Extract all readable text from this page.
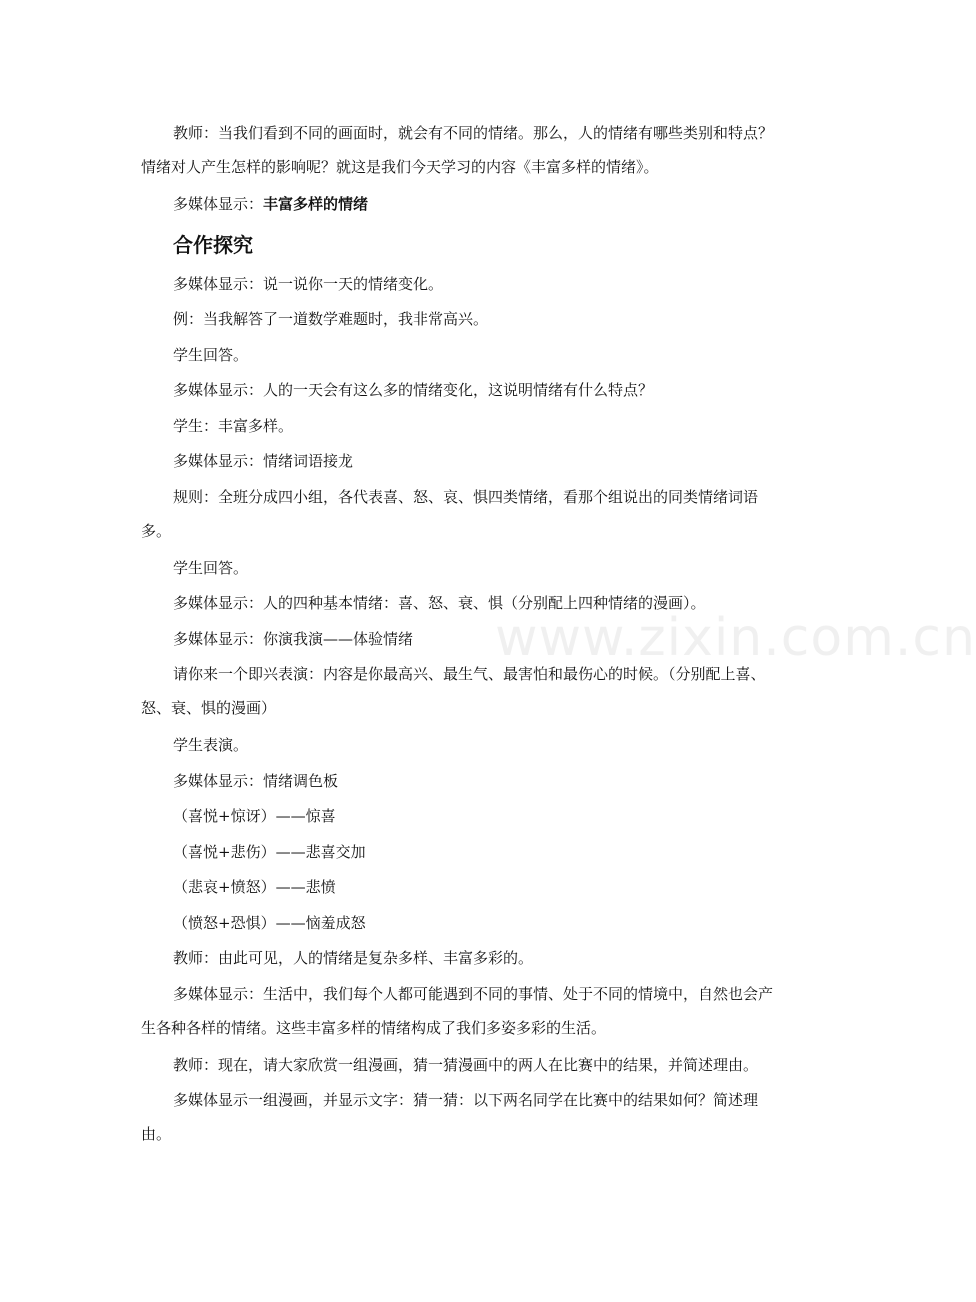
教师：当我们看到不同的画面时，就会有不同的情绪。那么，人的情绪有哪些类别和特点？情绪对人产生怎样的影响呢？就这是我们今天学习的内容《丰富多样的情绪》。

多媒体显示：丰富多样的情绪

合作探究

多媒体显示：说一说你一天的情绪变化。

例：当我解答了一道数学难题时，我非常高兴。

学生回答。

多媒体显示：人的一天会有这么多的情绪变化，这说明情绪有什么特点？

学生：丰富多样。

多媒体显示：情绪词语接龙

规则：全班分成四小组，各代表喜、怒、哀、惧四类情绪，看那个组说出的同类情绪词语多。

学生回答。

多媒体显示：人的四种基本情绪：喜、怒、衰、惧（分别配上四种情绪的漫画）。

多媒体显示：你演我演——体验情绪

请你来一个即兴表演：内容是你最高兴、最生气、最害怕和最伤心的时候。（分别配上喜、怒、衰、惧的漫画）

学生表演。

多媒体显示：情绪调色板

（喜悦+惊讶）——惊喜

（喜悦+悲伤）——悲喜交加

（悲哀+愤怒）——悲愤

（愤怒+恐惧）——恼羞成怒

教师：由此可见，人的情绪是复杂多样、丰富多彩的。

多媒体显示：生活中，我们每个人都可能遇到不同的事情、处于不同的情境中，自然也会产生各种各样的情绪。这些丰富多样的情绪构成了我们多姿多彩的生活。

教师：现在，请大家欣赏一组漫画，猜一猜漫画中的两人在比赛中的结果，并简述理由。

多媒体显示一组漫画，并显示文字：猜一猜：以下两名同学在比赛中的结果如何？简述理由。

www.zixin.com.cn
